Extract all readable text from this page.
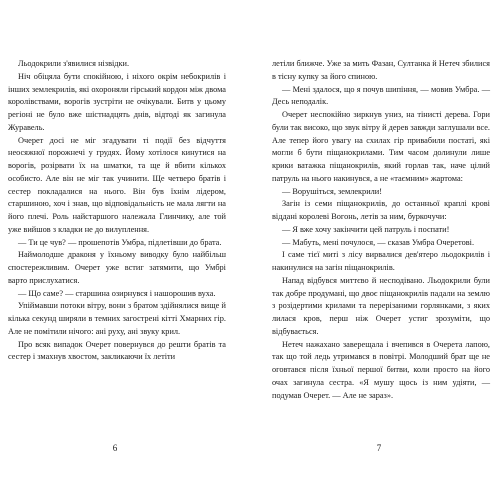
Льодокрили з'явилися нізвідки.

Ніч обіцяла бути спокійною, і ніхого окрім небокрилів і інших землекрилів, які охороняли гірський кордон між двома королівствами, ворогів зустріти не очікували. Битв у цьому регіоні не було вже шістнадцять днів, відтоді як загинула Журавель.

Очерет досі не міг згадувати ті події без відчуття неосяжної порожнечі у грудях. Йому хотілося кинутися на ворогів, розірвати їх на шматки, та ще й вбити кількох особисто. Але він не міг так учинити. Ще четверо братів і сестер покладалися на нього. Він був їхнім лідером, старшиною, хоч і знав, що відповідальність не мала лягти на його плечі. Роль найстаршого належала Глинчику, але той уже вийшов з кладки не до вилуплення.

— Ти це чув? — прошепотів Умбра, підлетівши до брата.

Наймолодше драконя у їхньому виводку було найбільш спостережливим. Очерет уже встиг затямити, що Умбрі варто прислухатися.

— Що саме? — старшина озирнувся і нашорошив вуха.

Упіймавши потоки вітру, вони з братом здійнялися вище й кілька секунд ширяли в темних загострені кітті Хмарних гір. Але не помітили нічого: ані руху, ані звуку крил.

Про всяк випадок Очерет повернувся до решти братів та сестер і змахнув хвостом, закликаючи їх летіти

6

летіли ближче. Уже за мить Фазан, Султанка й Нетеч збилися в тісну купку за його спиною.

— Мені здалося, що я почув шипіння, — мовив Умбра. — Десь неподалік.

Очерет неспокійно зиркнув униз, на тінисті дерева. Гори були так високо, що звук вітру й дерев завжди заглушали все. Але тепер його увагу на схилах гір привабили постаті, які могли б бути піщанокрилами. Тим часом долинули лише крики ватажка піщанокрилів, який горлав так, наче цілий патруль на нього накинувся, а не «таємним» жартома:

— Ворушіться, землекрили!

Загін із семи піщанокрилів, до останньої краплі крові віддані королеві Вогонь, летів за ним, буркочучи:

— Я вже хочу закінчити цей патруль і поспати!

— Мабуть, мені почулося, — сказав Умбра Очеретові.

І саме тієї миті з лісу вирвалися дев'ятеро льодокрилів і накинулися на загін піщанокрилів.

Напад відбувся миттєво й несподівано. Льодокрили були так добре продумані, що двоє піщанокрилів падали на землю з розідертими крилами та перерізаними горлянками, з яких лилася кров, перш ніж Очерет устиг зрозуміти, що відбувається.

Нетеч нажахано заверещала і вчепився в Очерета лапою, так що той ледь утримався в повітрі. Молодший брат ще не оговтався після їхньої першої битви, коли просто на його очах загинула сестра. «Я мушу щось із ним удіяти, — подумав Очерет. — Але не зараз».

7
